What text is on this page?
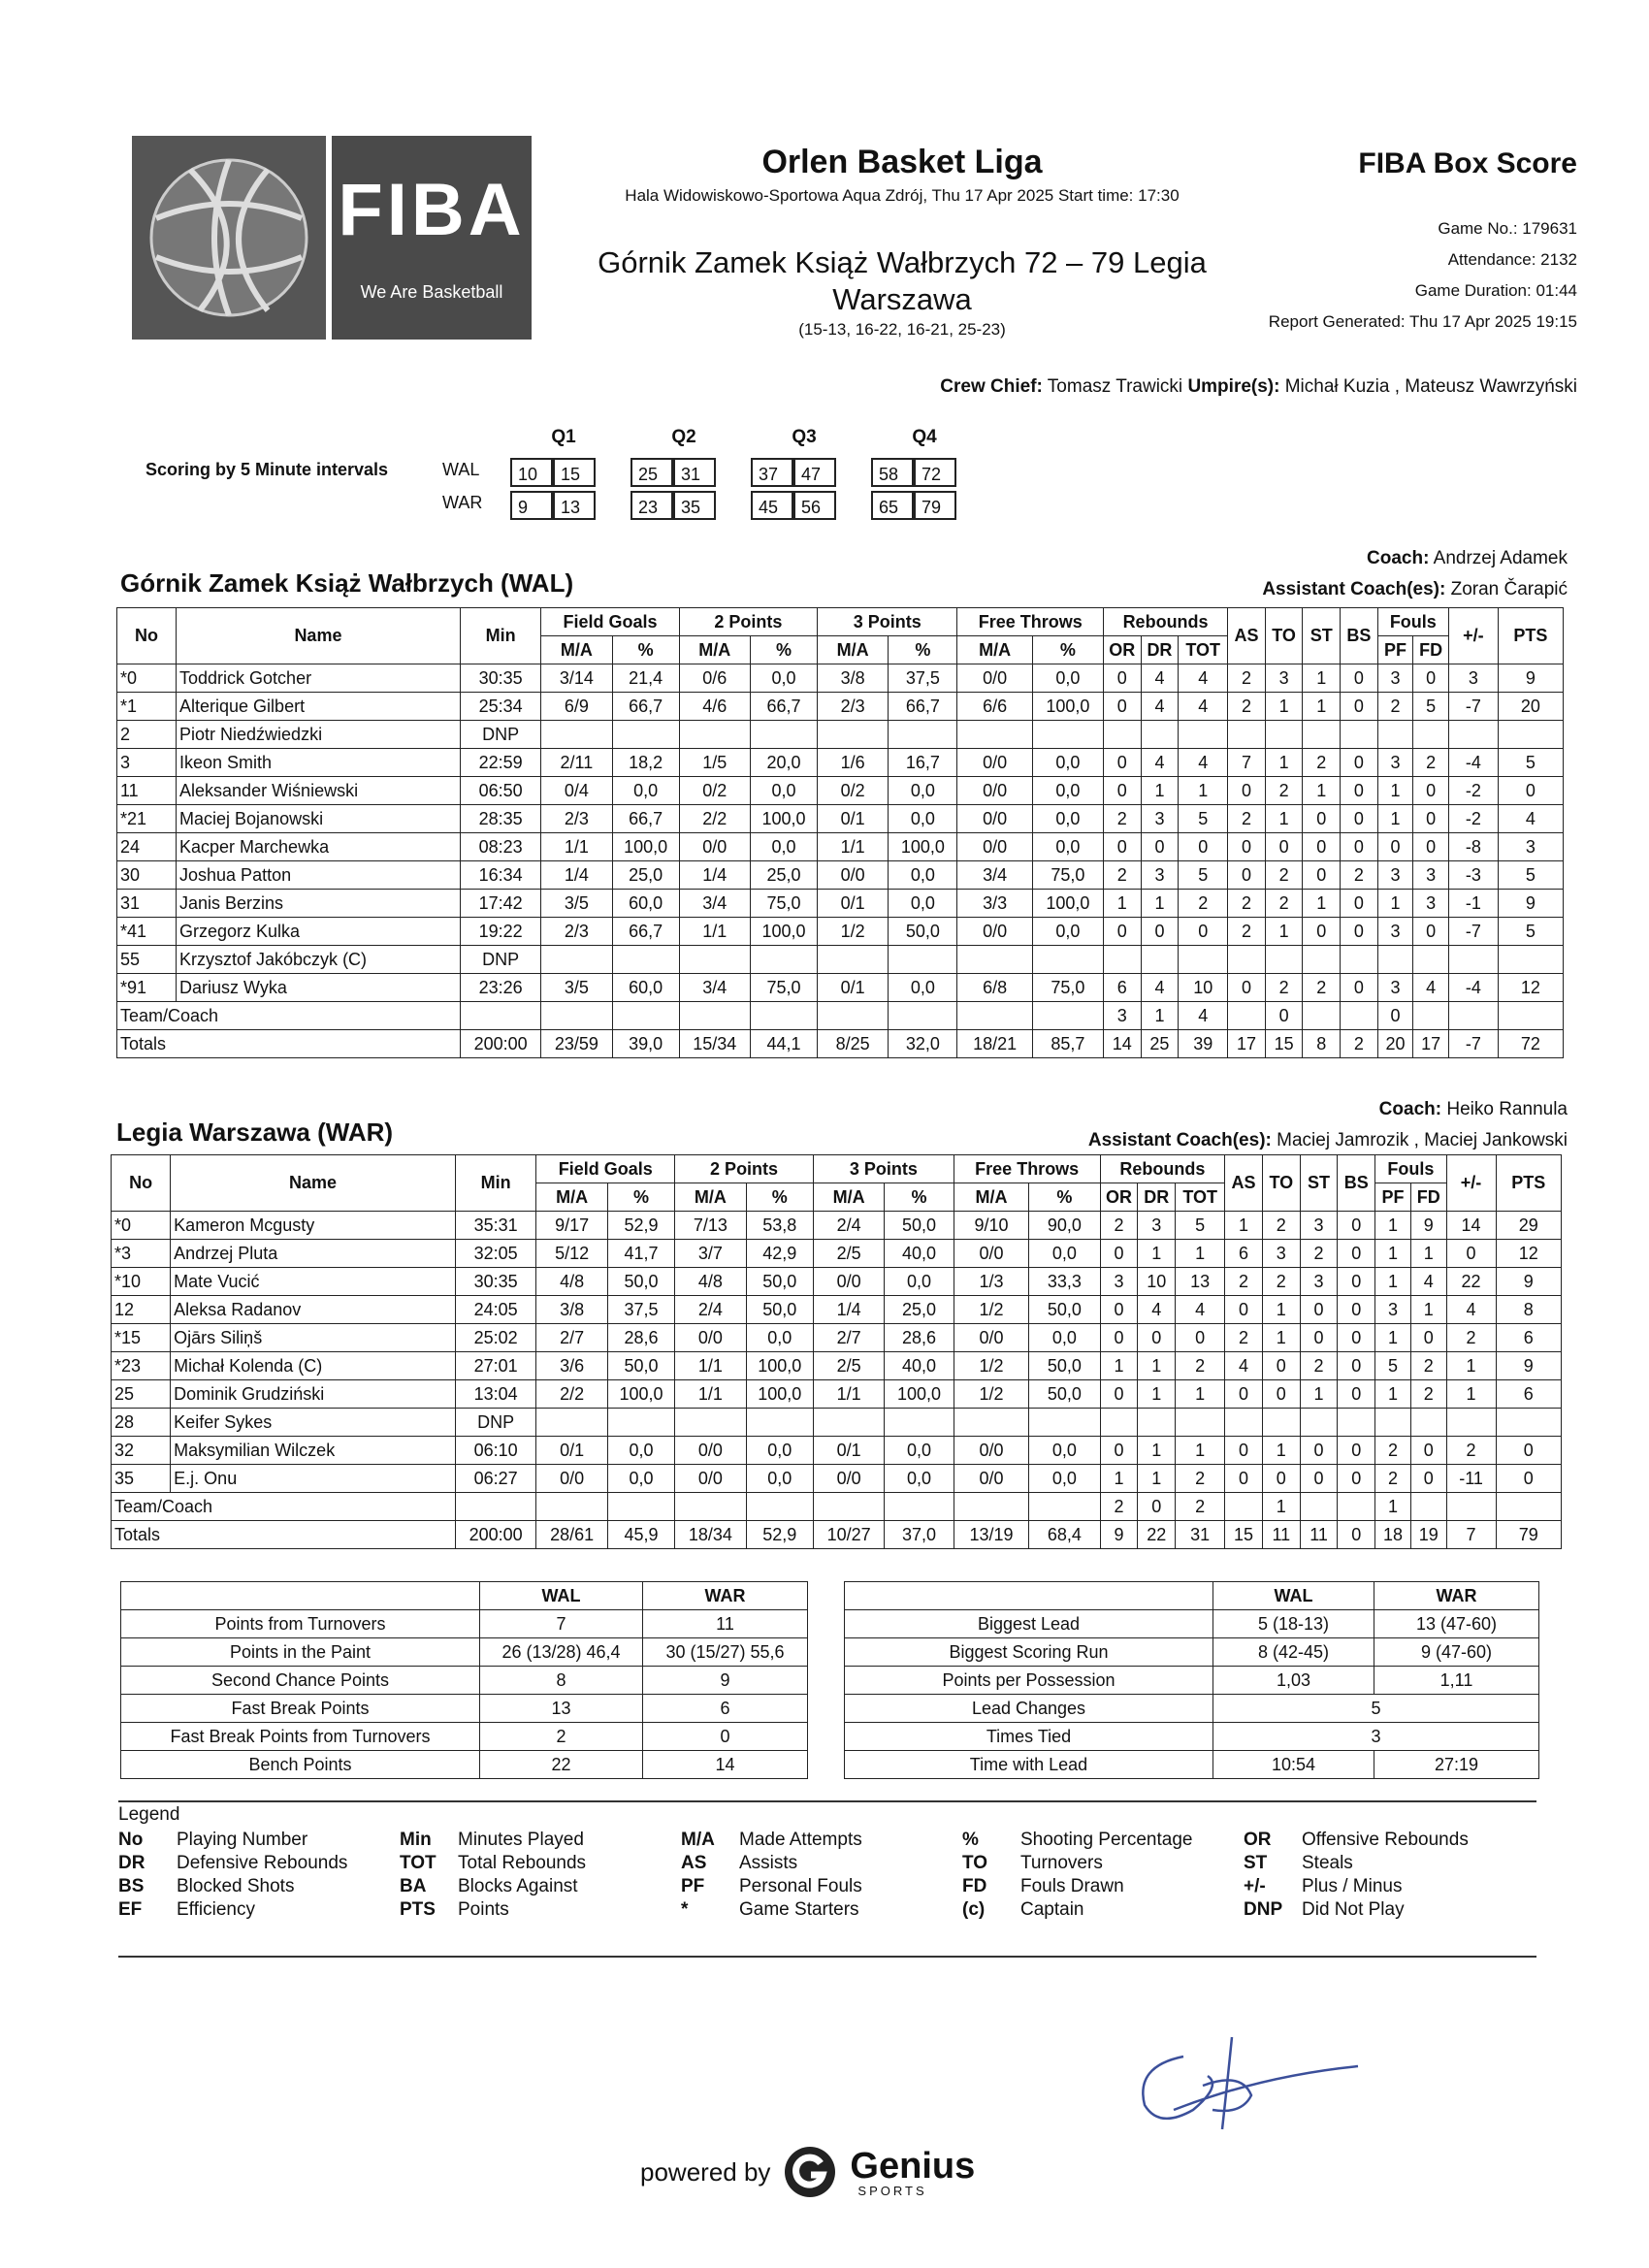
FIBA
We Are Basketball
Orlen Basket Liga
Hala Widowiskowo-Sportowa Aqua Zdrój, Thu 17 Apr 2025 Start time: 17:30
Górnik Zamek Książ Wałbrzych 72 – 79 Legia
Warszawa
(15-13, 16-22, 16-21, 25-23)
FIBA Box Score
Game No.: 179631
Attendance: 2132
Game Duration: 01:44
Report Generated: Thu 17 Apr 2025 19:15
Crew Chief: Tomasz Trawicki Umpire(s): Michał Kuzia , Mateusz Wawrzyński
Scoring by 5 Minute intervals
Q1	Q2	Q3	Q4
WAL
WAR
10	15	25	31	37	47	58	72
9	13	23	35	45	56	65	79
Górnik Zamek Książ Wałbrzych (WAL)
Coach: Andrzej Adamek
Assistant Coach(es): Zoran Čarapić
No	Name	Min	Field Goals		2 Points		3 Points		Free Throws		Rebounds			AS	TO	ST	BS	Fouls		+/-	PTS
			M/A	%	M/A	%	M/A	%	M/A	%	OR	DR	TOT					PF	FD		
*0	Toddrick Gotcher	30:35	3/14	21,4	0/6	0,0	3/8	37,5	0/0	0,0	0	4	4	2	3	1	0	3	0	3	9
*1	Alterique Gilbert	25:34	6/9	66,7	4/6	66,7	2/3	66,7	6/6	100,0	0	4	4	2	1	1	0	2	5	-7	20
2	Piotr Niedźwiedzki	DNP																			
3	Ikeon Smith	22:59	2/11	18,2	1/5	20,0	1/6	16,7	0/0	0,0	0	4	4	7	1	2	0	3	2	-4	5
11	Aleksander Wiśniewski	06:50	0/4	0,0	0/2	0,0	0/2	0,0	0/0	0,0	0	1	1	0	2	1	0	1	0	-2	0
*21	Maciej Bojanowski	28:35	2/3	66,7	2/2	100,0	0/1	0,0	0/0	0,0	2	3	5	2	1	0	0	1	0	-2	4
24	Kacper Marchewka	08:23	1/1	100,0	0/0	0,0	1/1	100,0	0/0	0,0	0	0	0	0	0	0	0	0	0	-8	3
30	Joshua Patton	16:34	1/4	25,0	1/4	25,0	0/0	0,0	3/4	75,0	2	3	5	0	2	0	2	3	3	-3	5
31	Janis Berzins	17:42	3/5	60,0	3/4	75,0	0/1	0,0	3/3	100,0	1	1	2	2	2	1	0	1	3	-1	9
*41	Grzegorz Kulka	19:22	2/3	66,7	1/1	100,0	1/2	50,0	0/0	0,0	0	0	0	2	1	0	0	3	0	-7	5
55	Krzysztof Jakóbczyk (C)	DNP																			
*91	Dariusz Wyka	23:26	3/5	60,0	3/4	75,0	0/1	0,0	6/8	75,0	6	4	10	0	2	2	0	3	4	-4	12
Team/Coach											3	1	4		0			0			
Totals		200:00	23/59	39,0	15/34	44,1	8/25	32,0	18/21	85,7	14	25	39	17	15	8	2	20	17	-7	72
Legia Warszawa (WAR)
Coach: Heiko Rannula
Assistant Coach(es): Maciej Jamrozik , Maciej Jankowski
No	Name	Min	Field Goals		2 Points		3 Points		Free Throws		Rebounds			AS	TO	ST	BS	Fouls		+/-	PTS
			M/A	%	M/A	%	M/A	%	M/A	%	OR	DR	TOT					PF	FD		
*0	Kameron Mcgusty	35:31	9/17	52,9	7/13	53,8	2/4	50,0	9/10	90,0	2	3	5	1	2	3	0	1	9	14	29
*3	Andrzej Pluta	32:05	5/12	41,7	3/7	42,9	2/5	40,0	0/0	0,0	0	1	1	6	3	2	0	1	1	0	12
*10	Mate Vucić	30:35	4/8	50,0	4/8	50,0	0/0	0,0	1/3	33,3	3	10	13	2	2	3	0	1	4	22	9
12	Aleksa Radanov	24:05	3/8	37,5	2/4	50,0	1/4	25,0	1/2	50,0	0	4	4	0	1	0	0	3	1	4	8
*15	Ojārs Siliņš	25:02	2/7	28,6	0/0	0,0	2/7	28,6	0/0	0,0	0	0	0	2	1	0	0	1	0	2	6
*23	Michał Kolenda (C)	27:01	3/6	50,0	1/1	100,0	2/5	40,0	1/2	50,0	1	1	2	4	0	2	0	5	2	1	9
25	Dominik Grudziński	13:04	2/2	100,0	1/1	100,0	1/1	100,0	1/2	50,0	0	1	1	0	0	1	0	1	2	1	6
28	Keifer Sykes	DNP																			
32	Maksymilian Wilczek	06:10	0/1	0,0	0/0	0,0	0/1	0,0	0/0	0,0	0	1	1	0	1	0	0	2	0	2	0
35	E.j. Onu	06:27	0/0	0,0	0/0	0,0	0/0	0,0	0/0	0,0	1	1	2	0	0	0	0	2	0	-11	0
Team/Coach											2	0	2		1			1			
Totals		200:00	28/61	45,9	18/34	52,9	10/27	37,0	13/19	68,4	9	22	31	15	11	11	0	18	19	7	79
	WAL	WAR
Points from Turnovers	7	11
Points in the Paint	26 (13/28) 46,4	30 (15/27) 55,6
Second Chance Points	8	9
Fast Break Points	13	6
Fast Break Points from Turnovers	2	0
Bench Points	22	14
	WAL	WAR
Biggest Lead	5 (18-13)	13 (47-60)
Biggest Scoring Run	8 (42-45)	9 (47-60)
Points per Possession	1,03	1,11
Lead Changes	5	
Times Tied	3	
Time with Lead	10:54	27:19
Legend
No	Playing Number	Min	Minutes Played	M/A	Made Attempts	%	Shooting Percentage	OR	Offensive Rebounds
DR	Defensive Rebounds	TOT	Total Rebounds	AS	Assists	TO	Turnovers	ST	Steals
BS	Blocked Shots	BA	Blocks Against	PF	Personal Fouls	FD	Fouls Drawn	+/-	Plus / Minus
EF	Efficiency	PTS	Points	*	Game Starters	(c)	Captain	DNP	Did Not Play
powered by Genius
SPORTS
